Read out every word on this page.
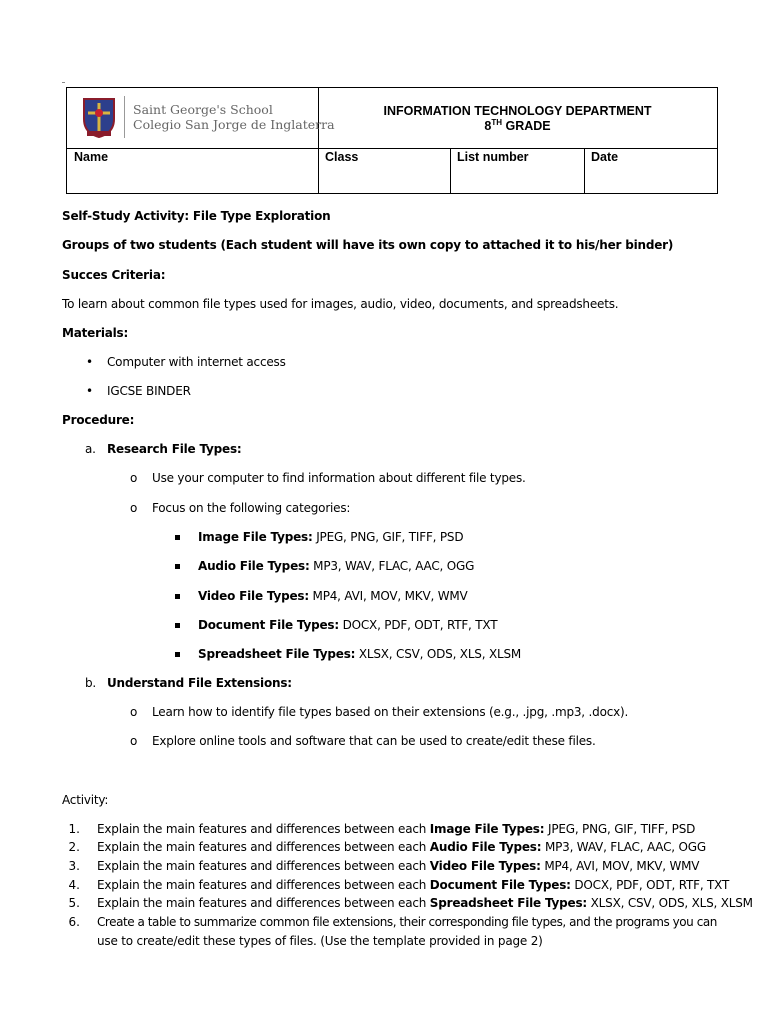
Saint George's School
Colegio San Jorge de Inglaterra
INFORMATION TECHNOLOGY DEPARTMENT
8TH GRADE
Name	Class	List number	Date
Self-Study Activity: File Type Exploration
Groups of two students (Each student will have its own copy to attached it to his/her binder)
Succes Criteria:
To learn about common file types used for images, audio, video, documents, and spreadsheets.
Materials:
• Computer with internet access
• IGCSE BINDER
Procedure:
a. Research File Types:
o Use your computer to find information about different file types.
o Focus on the following categories:
Image File Types: JPEG, PNG, GIF, TIFF, PSD
Audio File Types: MP3, WAV, FLAC, AAC, OGG
Video File Types: MP4, AVI, MOV, MKV, WMV
Document File Types: DOCX, PDF, ODT, RTF, TXT
Spreadsheet File Types: XLSX, CSV, ODS, XLS, XLSM
b. Understand File Extensions:
o Learn how to identify file types based on their extensions (e.g., .jpg, .mp3, .docx).
o Explore online tools and software that can be used to create/edit these files.
Activity:
1. Explain the main features and differences between each Image File Types: JPEG, PNG, GIF, TIFF, PSD
2. Explain the main features and differences between each Audio File Types: MP3, WAV, FLAC, AAC, OGG
3. Explain the main features and differences between each Video File Types: MP4, AVI, MOV, MKV, WMV
4. Explain the main features and differences between each Document File Types: DOCX, PDF, ODT, RTF, TXT
5. Explain the main features and differences between each Spreadsheet File Types: XLSX, CSV, ODS, XLS, XLSM
6. Create a table to summarize common file extensions, their corresponding file types, and the programs you can
use to create/edit these types of files. (Use the template provided in page 2)
